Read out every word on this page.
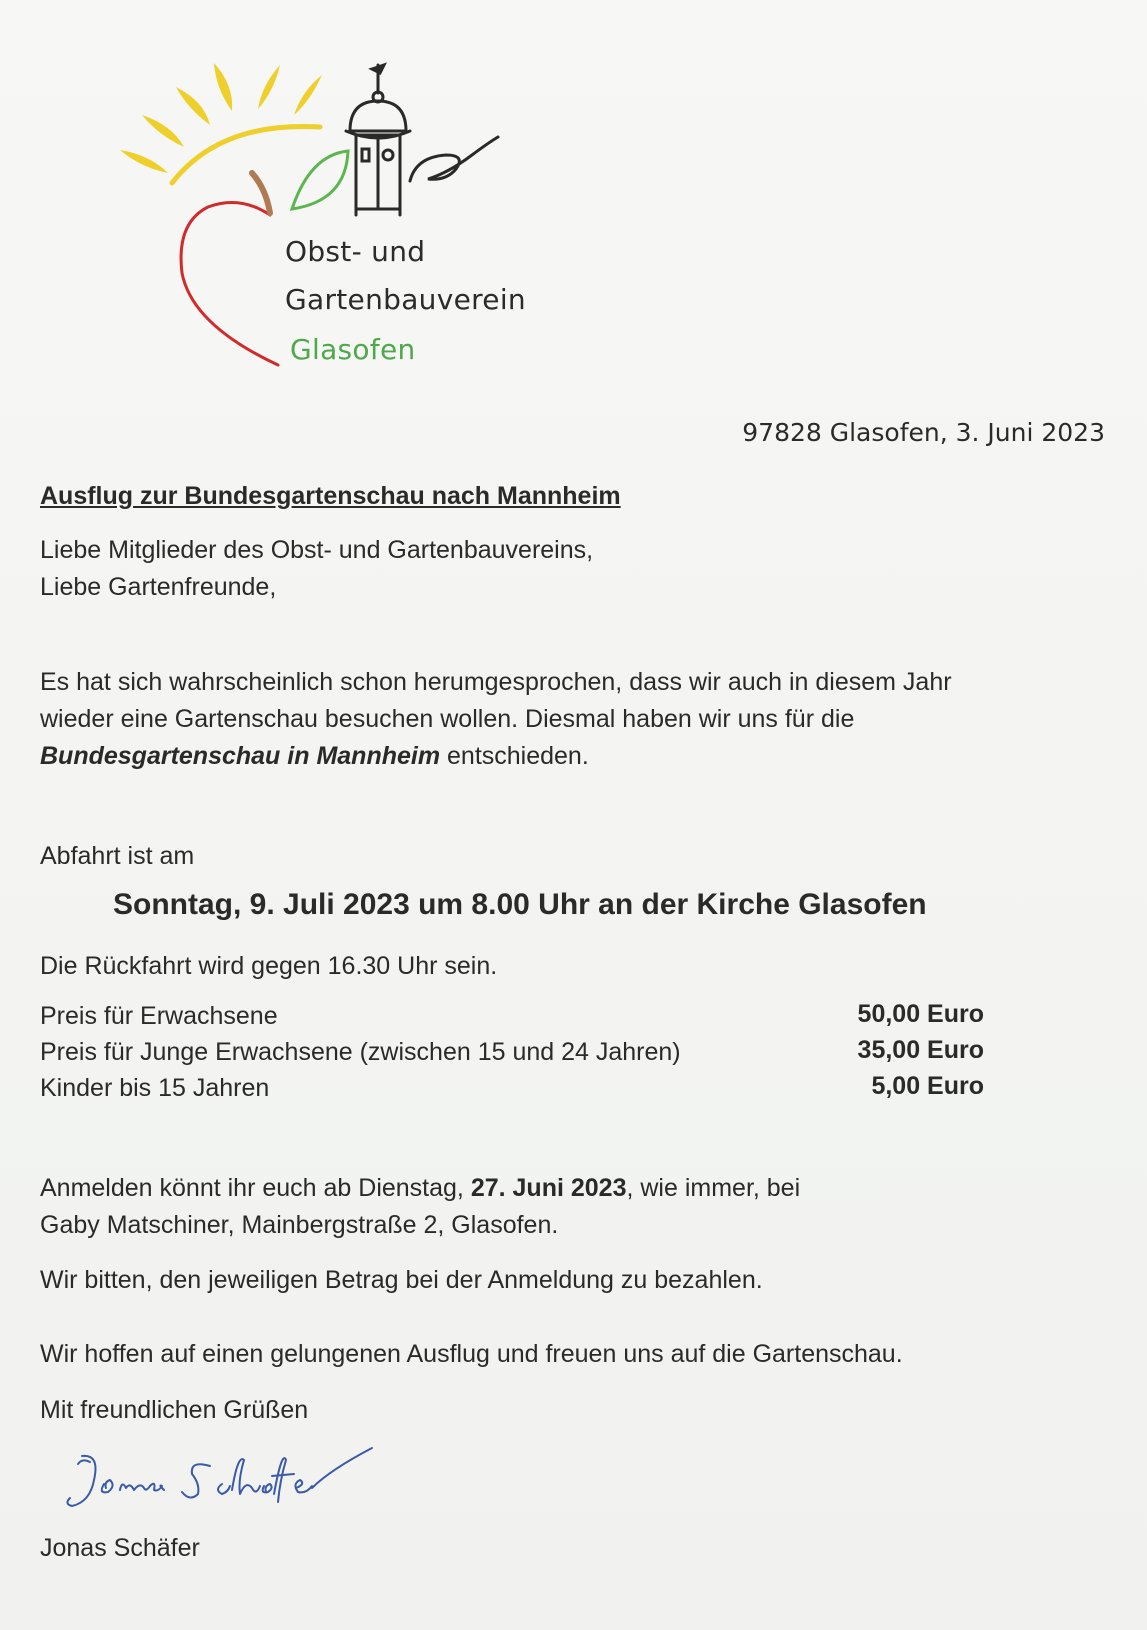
Obst- und
Gartenbauverein
Glasofen
97828 Glasofen, 3. Juni 2023
Ausflug zur Bundesgartenschau nach Mannheim
Liebe Mitglieder des Obst- und Gartenbauvereins,
Liebe Gartenfreunde,
Es hat sich wahrscheinlich schon herumgesprochen, dass wir auch in diesem Jahr
wieder eine Gartenschau besuchen wollen. Diesmal haben wir uns für die
Bundesgartenschau in Mannheim entschieden.
Abfahrt ist am
Sonntag, 9. Juli 2023 um 8.00 Uhr an der Kirche Glasofen
Die Rückfahrt wird gegen 16.30 Uhr sein.
Preis für Erwachsene	50,00 Euro
Preis für Junge Erwachsene (zwischen 15 und 24 Jahren)	35,00 Euro
Kinder bis 15 Jahren	5,00 Euro
Anmelden könnt ihr euch ab Dienstag, 27. Juni 2023, wie immer, bei
Gaby Matschiner, Mainbergstraße 2, Glasofen.
Wir bitten, den jeweiligen Betrag bei der Anmeldung zu bezahlen.
Wir hoffen auf einen gelungenen Ausflug und freuen uns auf die Gartenschau.
Mit freundlichen Grüßen
Jonas Schäfer
